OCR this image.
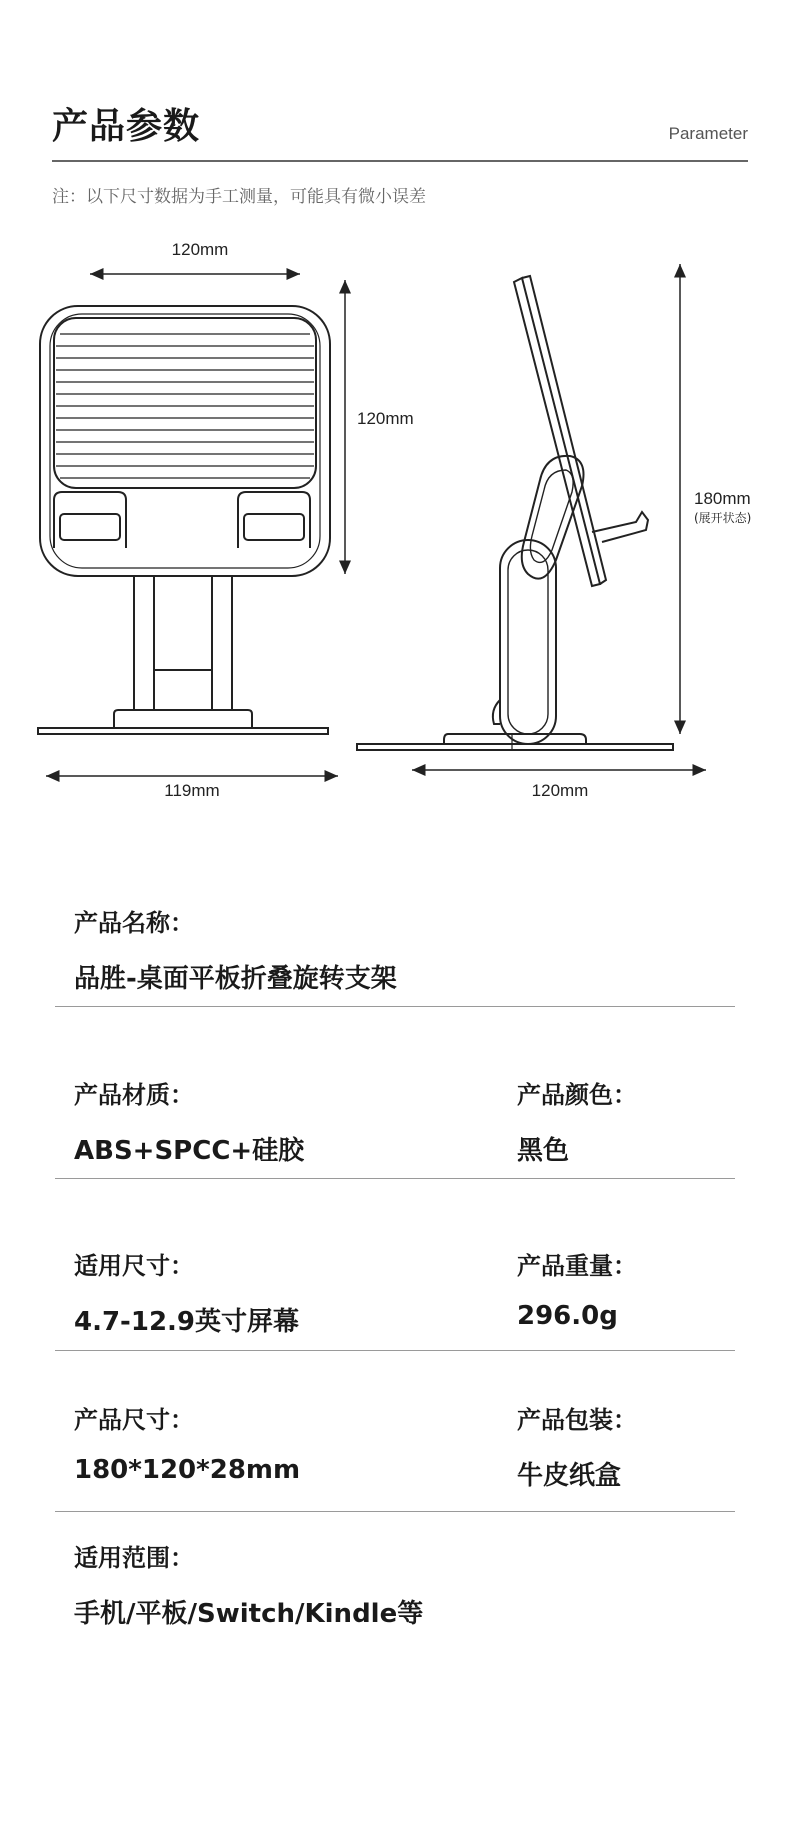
产品参数	Parameter
注：以下尺寸数据为手工测量，可能具有微小误差
120mm
120mm
119mm
180mm
(展开状态)
120mm
产品名称：
品胜-桌面平板折叠旋转支架
产品材质：
ABS+SPCC+硅胶
产品颜色：
黑色
适用尺寸：
4.7-12.9英寸屏幕
产品重量：
296.0g
产品尺寸：
180*120*28mm
产品包装：
牛皮纸盒
适用范围：
手机/平板/Switch/Kindle等
